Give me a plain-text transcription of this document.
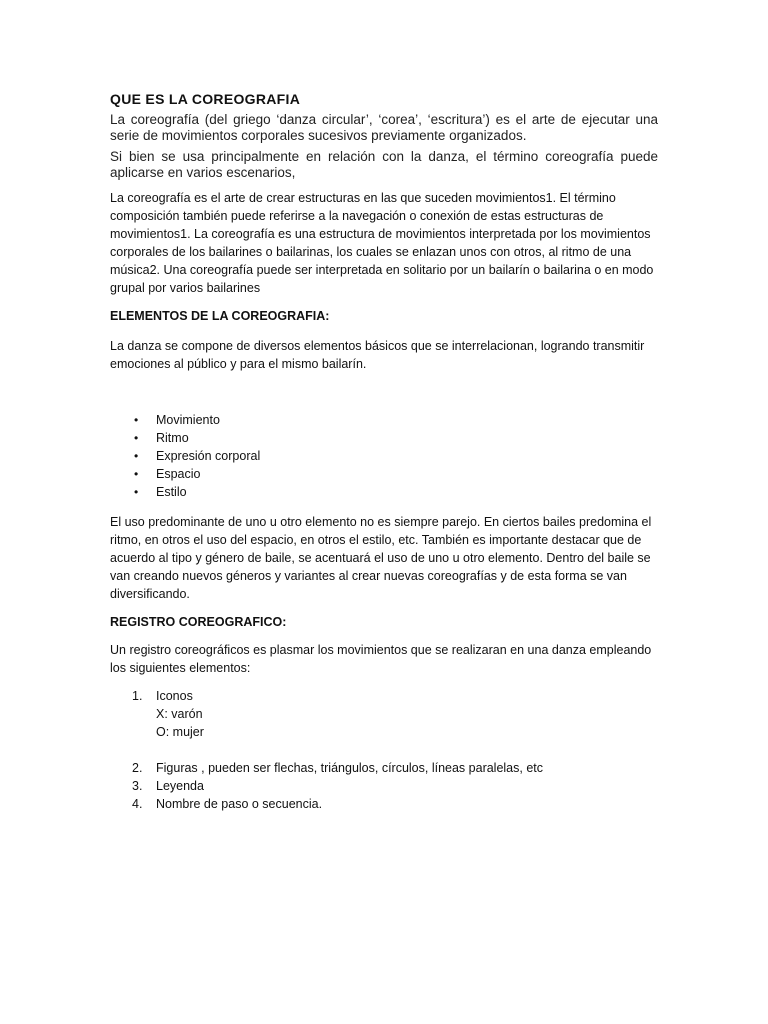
QUE ES LA COREOGRAFIA

La coreografía (del griego ‘danza circular’, ‘corea’, ‘escritura’) es el arte de ejecutar una serie de movimientos corporales sucesivos previamente organizados.

Si bien se usa principalmente en relación con la danza, el término coreografía puede aplicarse en varios escenarios,

La coreografía es el arte de crear estructuras en las que suceden movimientos1. El término composición también puede referirse a la navegación o conexión de estas estructuras de movimientos1. La coreografía es una estructura de movimientos interpretada por los movimientos corporales de los bailarines o bailarinas, los cuales se enlazan unos con otros, al ritmo de una música2. Una coreografía puede ser interpretada en solitario por un bailarín o bailarina o en modo grupal por varios bailarines

ELEMENTOS DE LA COREOGRAFIA:

La danza se compone de diversos elementos básicos que se interrelacionan, logrando transmitir emociones al público y para el mismo bailarín.

• Movimiento
• Ritmo
• Expresión corporal
• Espacio
• Estilo

El uso predominante de uno u otro elemento no es siempre parejo. En ciertos bailes predomina el ritmo, en otros el uso del espacio, en otros el estilo, etc. También es importante destacar que de acuerdo al tipo y género de baile, se acentuará el uso de uno u otro elemento. Dentro del baile se van creando nuevos géneros y variantes al crear nuevas coreografías y de esta forma se van diversificando.

REGISTRO COREOGRAFICO:

Un registro coreográficos es plasmar los movimientos que se realizaran en una danza empleando los siguientes elementos:

1. Iconos
X: varón
O: mujer
2. Figuras , pueden ser flechas, triángulos, círculos, líneas paralelas, etc
3. Leyenda
4. Nombre de paso o secuencia.
